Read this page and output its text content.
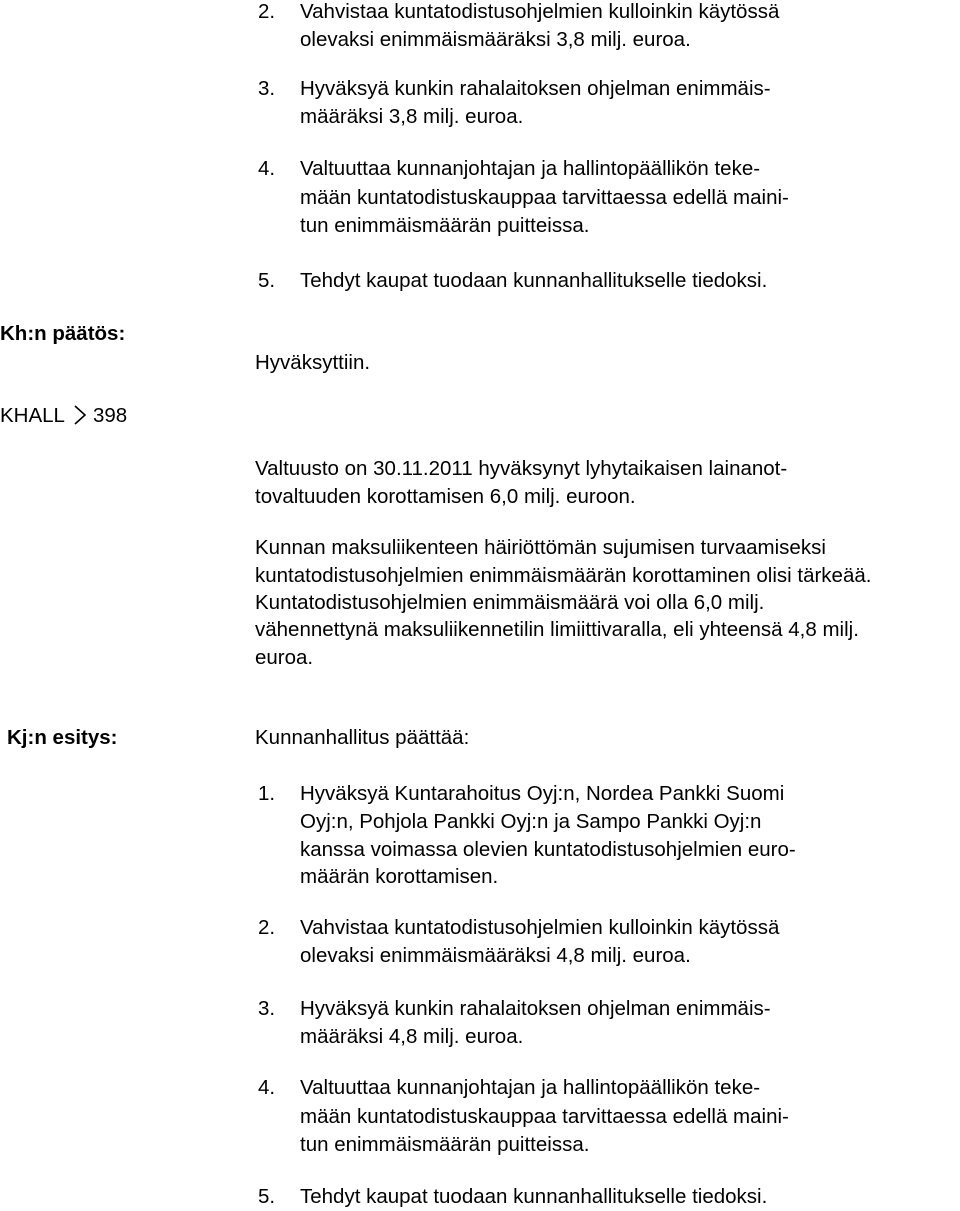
2. Vahvistaa kuntatodistusohjelmien kulloinkin käytössä
olevaksi enimmäismääräksi 3,8 milj. euroa.
3. Hyväksyä kunkin rahalaitoksen ohjelman enimmäis-
määräksi 3,8 milj. euroa.
4. Valtuuttaa kunnanjohtajan ja hallintopäällikön teke-
mään kuntatodistuskauppaa tarvittaessa edellä maini-
tun enimmäismäärän puitteissa.
5. Tehdyt kaupat tuodaan kunnanhallitukselle tiedoksi.
Kh:n päätös:
Hyväksyttiin.
KHALL 398
Valtuusto on 30.11.2011 hyväksynyt lyhytaikaisen lainanot-
tovaltuuden korottamisen 6,0 milj. euroon.
Kunnan maksuliikenteen häiriöttömän sujumisen turvaamiseksi
kuntatodistusohjelmien enimmäismäärän korottaminen olisi tärkeää.
Kuntatodistusohjelmien enimmäismäärä voi olla 6,0 milj.
vähennettynä maksuliikennetilin limiittivaralla, eli yhteensä 4,8 milj.
euroa.
Kj:n esitys:	Kunnanhallitus päättää:
1. Hyväksyä Kuntarahoitus Oyj:n, Nordea Pankki Suomi
Oyj:n, Pohjola Pankki Oyj:n ja Sampo Pankki Oyj:n
kanssa voimassa olevien kuntatodistusohjelmien euro-
määrän korottamisen.
2. Vahvistaa kuntatodistusohjelmien kulloinkin käytössä
olevaksi enimmäismääräksi 4,8 milj. euroa.
3. Hyväksyä kunkin rahalaitoksen ohjelman enimmäis-
määräksi 4,8 milj. euroa.
4. Valtuuttaa kunnanjohtajan ja hallintopäällikön teke-
mään kuntatodistuskauppaa tarvittaessa edellä maini-
tun enimmäismäärän puitteissa.
5. Tehdyt kaupat tuodaan kunnanhallitukselle tiedoksi.
